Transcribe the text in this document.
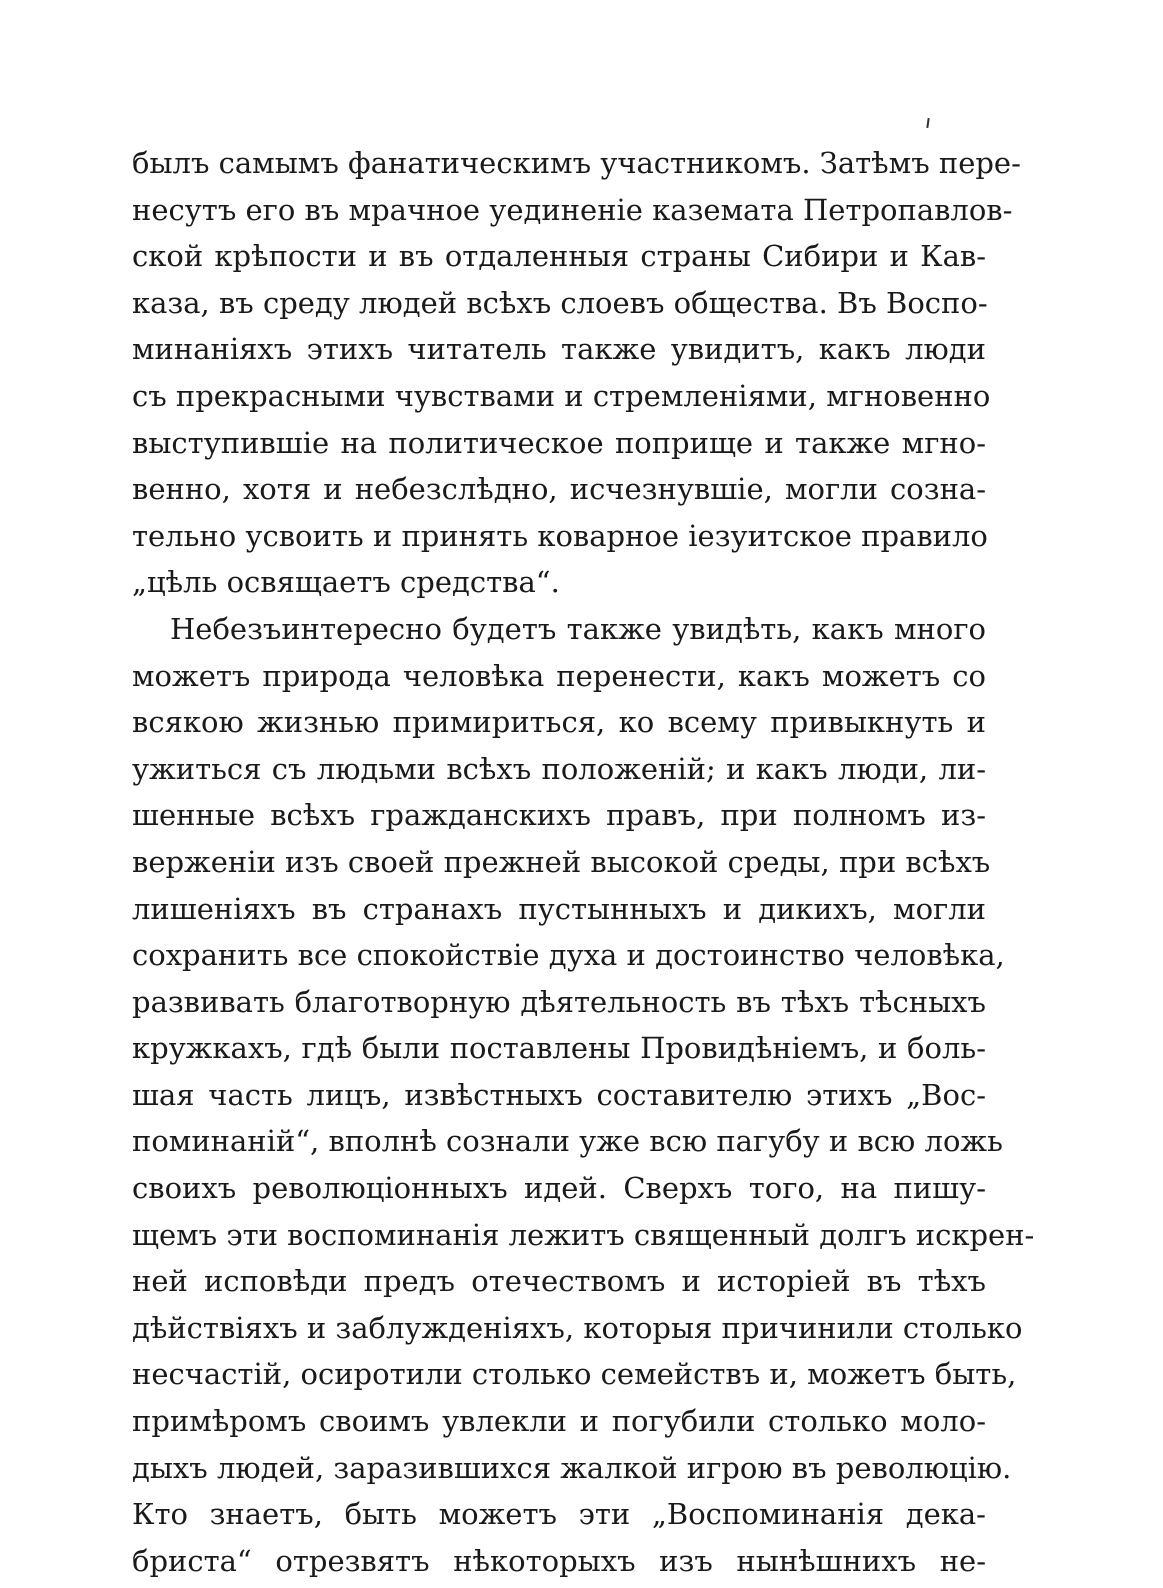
былъ самымъ фанатическимъ участникомъ. Затѣмъ пере-
несутъ его въ мрачное уединеніе каземата Петропавлов-
ской крѣпости и въ отдаленныя страны Сибири и Кав-
каза, въ среду людей всѣхъ слоевъ общества. Въ Воспо-
минаніяхъ этихъ читатель также увидитъ, какъ люди
съ прекрасными чувствами и стремленіями, мгновенно
выступившіе на политическое поприще и также мгно-
венно, хотя и небезслѣдно, исчезнувшіе, могли созна-
тельно усвоить и принять коварное іезуитское правило
„цѣль освящаетъ средства“.
Небезъинтересно будетъ также увидѣть, какъ много
можетъ природа человѣка перенести, какъ можетъ со
всякою жизнью примириться, ко всему привыкнуть и
ужиться съ людьми всѣхъ положеній; и какъ люди, ли-
шенные всѣхъ гражданскихъ правъ, при полномъ из-
верженіи изъ своей прежней высокой среды, при всѣхъ
лишеніяхъ въ странахъ пустынныхъ и дикихъ, могли
сохранить все спокойствіе духа и достоинство человѣка,
развивать благотворную дѣятельность въ тѣхъ тѣсныхъ
кружкахъ, гдѣ были поставлены Провидѣніемъ, и боль-
шая часть лицъ, извѣстныхъ составителю этихъ „Вос-
поминаній“, вполнѣ сознали уже всю пагубу и всю ложь
своихъ революціонныхъ идей. Сверхъ того, на пишу-
щемъ эти воспоминанія лежитъ священный долгъ искрен-
ней исповѣди предъ отечествомъ и исторіей въ тѣхъ
дѣйствіяхъ и заблужденіяхъ, которыя причинили столько
несчастій, осиротили столько семействъ и, можетъ быть,
примѣромъ своимъ увлекли и погубили столько моло-
дыхъ людей, заразившихся жалкой игрою въ революцію.
Кто знаетъ, быть можетъ эти „Воспоминанія дека-
бриста“ отрезвятъ нѣкоторыхъ изъ нынѣшнихъ не-
